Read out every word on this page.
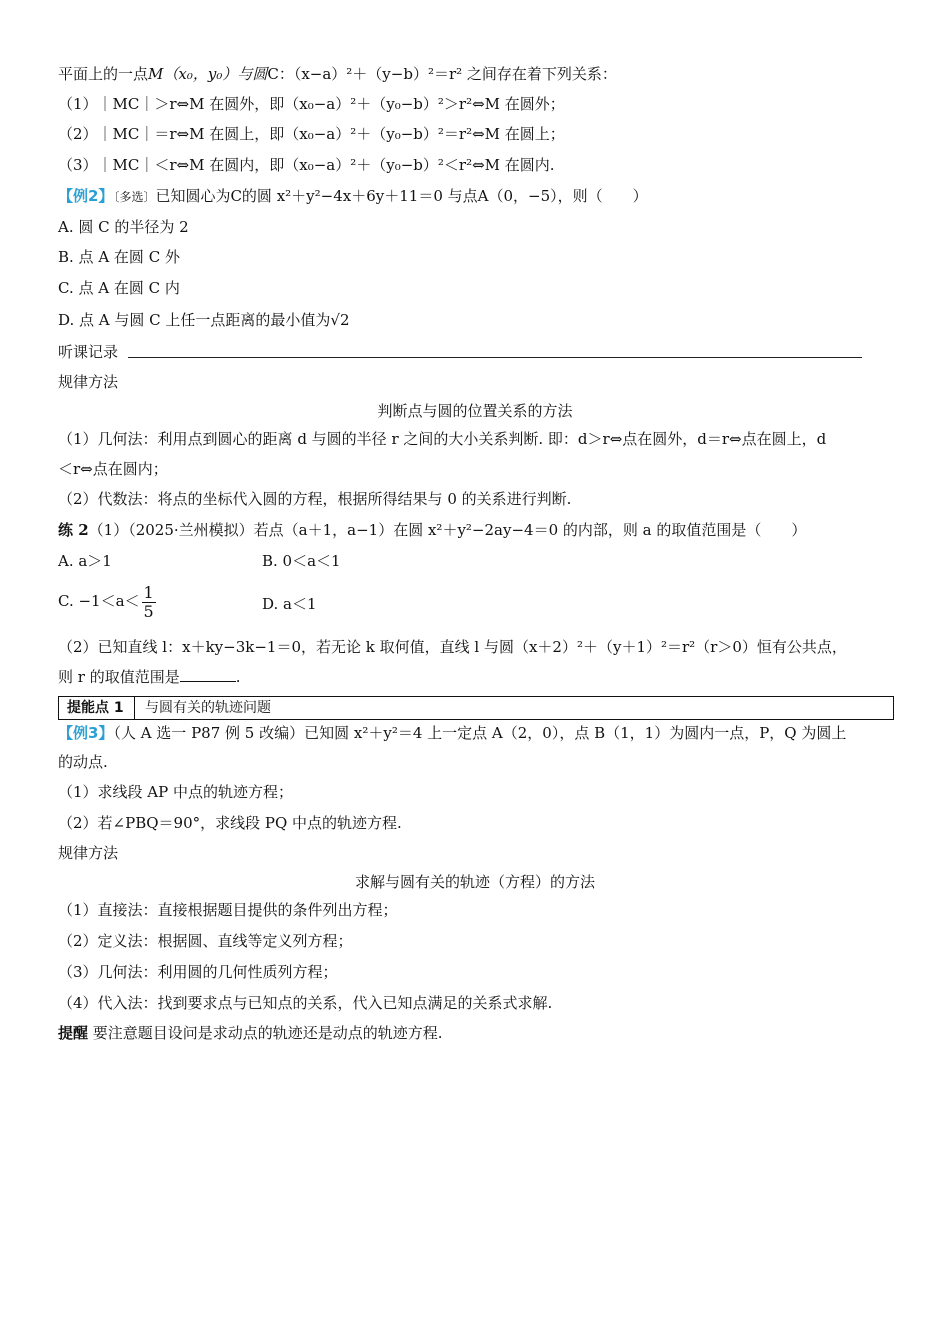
平面上的一点M（x₀，y₀）与圆C：（x−a）²＋（y−b）²＝r² 之间存在着下列关系：
（1）｜MC｜＞r⇔M 在圆外，即（x₀−a）²＋（y₀−b）²＞r²⇔M 在圆外；
（2）｜MC｜＝r⇔M 在圆上，即（x₀−a）²＋（y₀−b）²＝r²⇔M 在圆上；
（3）｜MC｜＜r⇔M 在圆内，即（x₀−a）²＋（y₀−b）²＜r²⇔M 在圆内.
【例2】〔多选〕已知圆心为C的圆 x²＋y²−4x＋6y＋11＝0 与点A（0，−5），则（　　）
A. 圆 C 的半径为 2
B. 点 A 在圆 C 外
C. 点 A 在圆 C 内
D. 点 A 与圆 C 上任一点距离的最小值为√2
听课记录
规律方法
判断点与圆的位置关系的方法
（1）几何法：利用点到圆心的距离 d 与圆的半径 r 之间的大小关系判断. 即：d＞r⇔点在圆外，d＝r⇔点在圆上，d
＜r⇔点在圆内；
（2）代数法：将点的坐标代入圆的方程，根据所得结果与 0 的关系进行判断.
练 2（1）（2025·兰州模拟）若点（a＋1，a−1）在圆 x²＋y²−2ay−4＝0 的内部，则 a 的取值范围是（　　）
A. a＞1	B. 0＜a＜1
C. $-1<a< \frac{1}{5}$	D. a＜1
（2）已知直线 l：x＋ky−3k−1＝0，若无论 k 取何值，直线 l 与圆（x＋2）²＋（y＋1）²＝r²（r＞0）恒有公共点，
则 r 的取值范围是	.
提能点 1	与圆有关的轨迹问题
【例3】（人 A 选一 P87 例 5 改编）已知圆 x²＋y²＝4 上一定点 A（2，0），点 B（1，1）为圆内一点，P，Q 为圆上
的动点.
（1）求线段 AP 中点的轨迹方程；
（2）若∠PBQ＝90°，求线段 PQ 中点的轨迹方程.
规律方法
求解与圆有关的轨迹（方程）的方法
（1）直接法：直接根据题目提供的条件列出方程；
（2）定义法：根据圆、直线等定义列方程；
（3）几何法：利用圆的几何性质列方程；
（4）代入法：找到要求点与已知点的关系，代入已知点满足的关系式求解.
提醒 要注意题目设问是求动点的轨迹还是动点的轨迹方程.
